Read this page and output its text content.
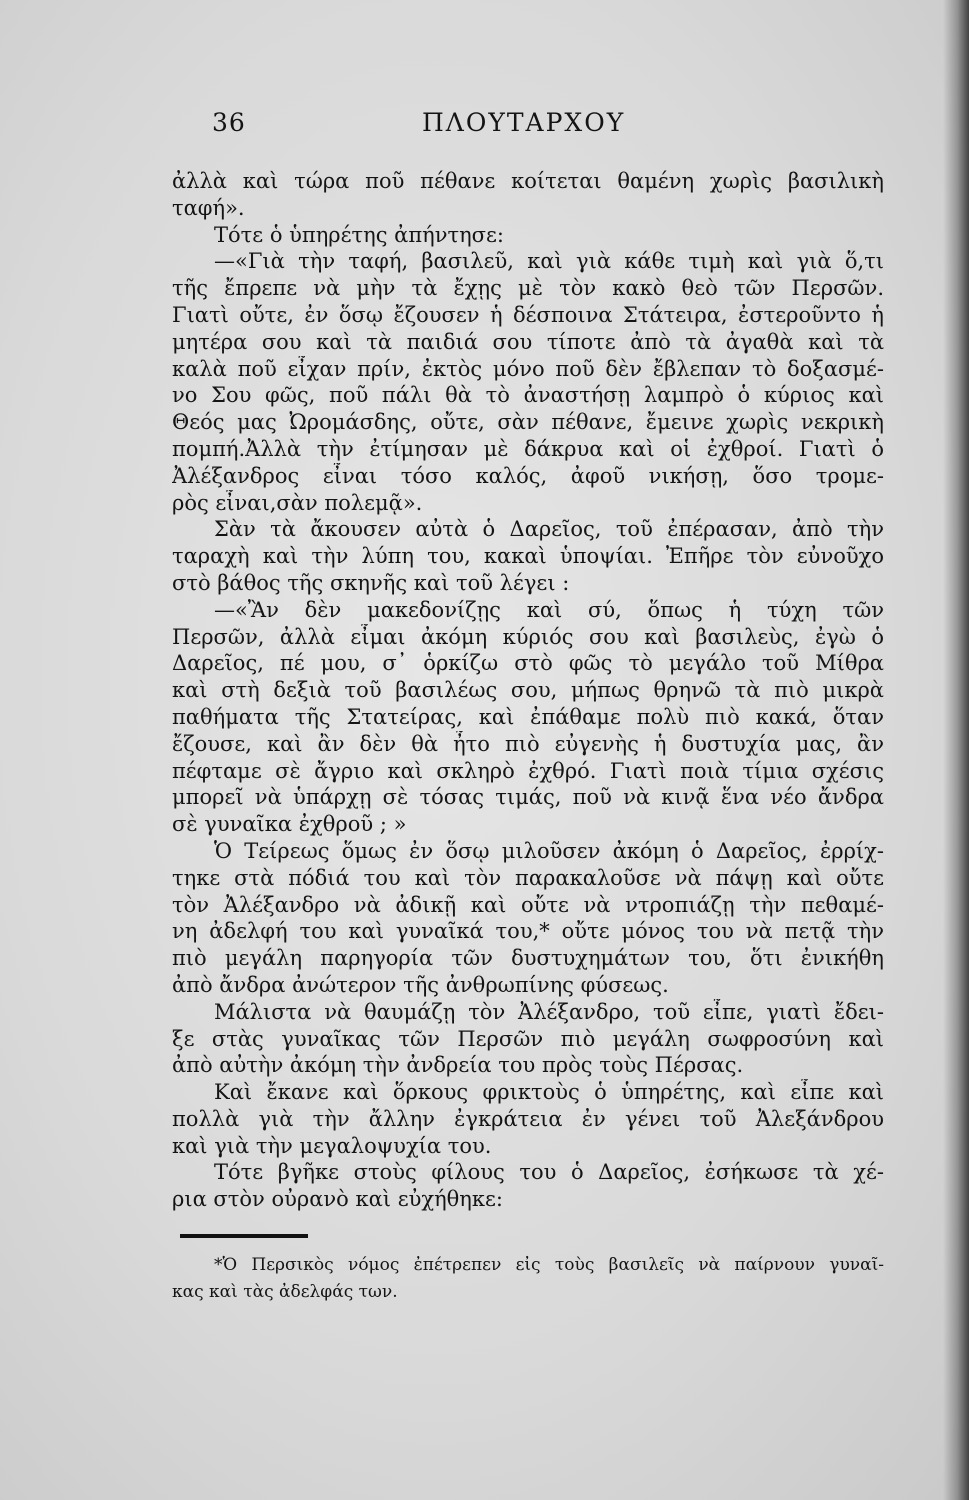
36	ΠΛΟΥΤΑΡΧΟΥ
ἀλλὰ καὶ τώρα ποῦ πέθανε κοίτεται θαμένη χωρὶς βασιλικὴ
ταφή».
Τότε ὁ ὑπηρέτης ἀπήντησε:
—«Γιὰ τὴν ταφή, βασιλεῦ, καὶ γιὰ κάθε τιμὴ καὶ γιὰ ὅ,τι
τῆς ἔπρεπε νὰ μὴν τὰ ἔχῃς μὲ τὸν κακὸ θεὸ τῶν Περσῶν.
Γιατὶ οὔτε, ἐν ὅσῳ ἔζουσεν ἡ δέσποινα Στάτειρα, ἐστεροῦντο ἡ
μητέρα σου καὶ τὰ παιδιά σου τίποτε ἀπὸ τὰ ἀγαθὰ καὶ τὰ
καλὰ ποῦ εἶχαν πρίν, ἐκτὸς μόνο ποῦ δὲν ἔβλεπαν τὸ δοξασμέ-
νο Σου φῶς, ποῦ πάλι θὰ τὸ ἀναστήσῃ λαμπρὸ ὁ κύριος καὶ
Θεός μας Ὠρομάσδης, οὔτε, σὰν πέθανε, ἔμεινε χωρὶς νεκρικὴ
πομπή.Ἀλλὰ τὴν ἐτίμησαν μὲ δάκρυα καὶ οἱ ἐχθροί. Γιατὶ ὁ
Ἀλέξανδρος εἶναι τόσο καλός, ἀφοῦ νικήσῃ, ὅσο τρομε-
ρὸς εἶναι,σὰν πολεμᾷ».
Σὰν τὰ ἄκουσεν αὐτὰ ὁ Δαρεῖος, τοῦ ἐπέρασαν, ἀπὸ τὴν
ταραχὴ καὶ τὴν λύπη του, κακαὶ ὑποψίαι. Ἐπῆρε τὸν εὐνοῦχο
στὸ βάθος τῆς σκηνῆς καὶ τοῦ λέγει :
—«Ἂν δὲν μακεδονίζῃς καὶ σύ, ὅπως ἡ τύχη τῶν
Περσῶν, ἀλλὰ εἶμαι ἀκόμη κύριός σου καὶ βασιλεὺς, ἐγὼ ὁ
Δαρεῖος, πέ μου, σ᾽ ὁρκίζω στὸ φῶς τὸ μεγάλο τοῦ Μίθρα
καὶ στὴ δεξιὰ τοῦ βασιλέως σου, μήπως θρηνῶ τὰ πιὸ μικρὰ
παθήματα τῆς Στατείρας, καὶ ἐπάθαμε πολὺ πιὸ κακά, ὅταν
ἔζουσε, καὶ ἂν δὲν θὰ ἦτο πιὸ εὐγενὴς ἡ δυστυχία μας, ἂν
πέφταμε σὲ ἄγριο καὶ σκληρὸ ἐχθρό. Γιατὶ ποιὰ τίμια σχέσις
μπορεῖ νὰ ὑπάρχῃ σὲ τόσας τιμάς, ποῦ νὰ κινᾷ ἕνα νέο ἄνδρα
σὲ γυναῖκα ἐχθροῦ ; »
Ὁ Τείρεως ὅμως ἐν ὅσῳ μιλοῦσεν ἀκόμη ὁ Δαρεῖος, ἐρρίχ-
τηκε στὰ πόδιά του καὶ τὸν παρακαλοῦσε νὰ πάψῃ καὶ οὔτε
τὸν Ἀλέξανδρο νὰ ἀδικῇ καὶ οὔτε νὰ ντροπιάζῃ τὴν πεθαμέ-
νη ἀδελφή του καὶ γυναῖκά του,* οὔτε μόνος του νὰ πετᾷ τὴν
πιὸ μεγάλη παρηγορία τῶν δυστυχημάτων του, ὅτι ἐνικήθη
ἀπὸ ἄνδρα ἀνώτερον τῆς ἀνθρωπίνης φύσεως.
Μάλιστα νὰ θαυμάζῃ τὸν Ἀλέξανδρο, τοῦ εἶπε, γιατὶ ἔδει-
ξε στὰς γυναῖκας τῶν Περσῶν πιὸ μεγάλη σωφροσύνη καὶ
ἀπὸ αὐτὴν ἀκόμη τὴν ἀνδρεία του πρὸς τοὺς Πέρσας.
Καὶ ἔκανε καὶ ὅρκους φρικτοὺς ὁ ὑπηρέτης, καὶ εἶπε καὶ
πολλὰ γιὰ τὴν ἄλλην ἐγκράτεια ἐν γένει τοῦ Ἀλεξάνδρου
καὶ γιὰ τὴν μεγαλοψυχία του.
Τότε βγῆκε στοὺς φίλους του ὁ Δαρεῖος, ἐσήκωσε τὰ χέ-
ρια στὸν οὐρανὸ καὶ εὐχήθηκε:
*Ὁ Περσικὸς νόμος ἐπέτρεπεν εἰς τοὺς βασιλεῖς νὰ παίρνουν γυναῖ-
κας καὶ τὰς ἀδελφάς των.
